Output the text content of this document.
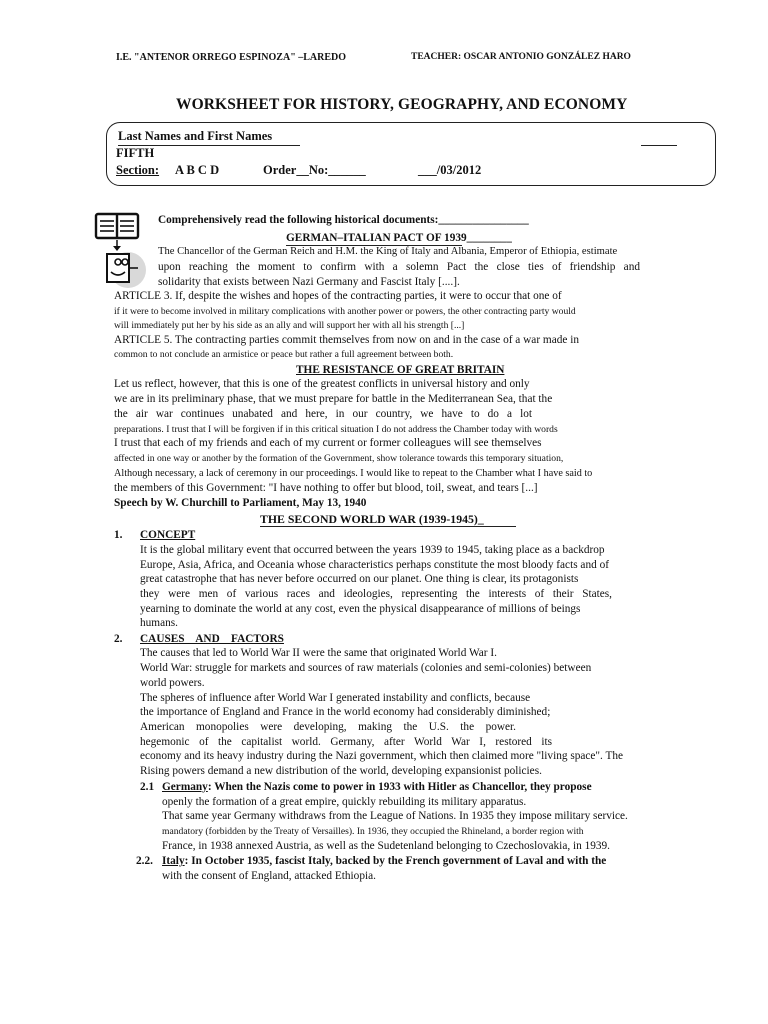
I.E. "ANTENOR ORREGO ESPINOZA" –LAREDO	TEACHER: OSCAR ANTONIO GONZÁLEZ HARO
WORKSHEET FOR HISTORY, GEOGRAPHY, AND ECONOMY
Last Names and First Names
FIFTH
Section: A B C D	Order__No:______	___/03/2012
Comprehensively read the following historical documents:________________
GERMAN–ITALIAN PACT OF 1939________
The Chancellor of the German Reich and H.M. the King of Italy and Albania, Emperor of Ethiopia, estimate
upon reaching the moment to confirm with a solemn Pact the close ties of friendship and
solidarity that exists between Nazi Germany and Fascist Italy [....].
ARTICLE 3. If, despite the wishes and hopes of the contracting parties, it were to occur that one of
if it were to become involved in military complications with another power or powers, the other contracting party would
will immediately put her by his side as an ally and will support her with all his strength [...]
ARTICLE 5. The contracting parties commit themselves from now on and in the case of a war made in
common to not conclude an armistice or peace but rather a full agreement between both.
THE RESISTANCE OF GREAT BRITAIN
Let us reflect, however, that this is one of the greatest conflicts in universal history and only
we are in its preliminary phase, that we must prepare for battle in the Mediterranean Sea, that the
the air war continues unabated and here, in our country, we have to do a lot
preparations. I trust that I will be forgiven if in this critical situation I do not address the Chamber today with words
I trust that each of my friends and each of my current or former colleagues will see themselves
affected in one way or another by the formation of the Government, show tolerance towards this temporary situation,
Although necessary, a lack of ceremony in our proceedings. I would like to repeat to the Chamber what I have said to
the members of this Government: "I have nothing to offer but blood, toil, sweat, and tears [...]
Speech by W. Churchill to Parliament, May 13, 1940
THE SECOND WORLD WAR (1939-1945)_
1. CONCEPT
It is the global military event that occurred between the years 1939 to 1945, taking place as a backdrop
Europe, Asia, Africa, and Oceania whose characteristics perhaps constitute the most bloody facts and of
great catastrophe that has never before occurred on our planet. One thing is clear, its protagonists
they were men of various races and ideologies, representing the interests of their States,
yearning to dominate the world at any cost, even the physical disappearance of millions of beings
humans.
2. CAUSES    AND    FACTORS
The causes that led to World War II were the same that originated World War I.
World War: struggle for markets and sources of raw materials (colonies and semi-colonies) between
world powers.
The spheres of influence after World War I generated instability and conflicts, because
the importance of England and France in the world economy had considerably diminished;
American monopolies were developing, making the U.S. the power.
hegemonic of the capitalist world. Germany, after World War I, restored its
economy and its heavy industry during the Nazi government, which then claimed more "living space". The
Rising powers demand a new distribution of the world, developing expansionist policies.
2.1 Germany: When the Nazis come to power in 1933 with Hitler as Chancellor, they propose
openly the formation of a great empire, quickly rebuilding its military apparatus.
That same year Germany withdraws from the League of Nations. In 1935 they impose military service.
mandatory (forbidden by the Treaty of Versailles). In 1936, they occupied the Rhineland, a border region with
France, in 1938 annexed Austria, as well as the Sudetenland belonging to Czechoslovakia, in 1939.
2.2. Italy: In October 1935, fascist Italy, backed by the French government of Laval and with the
with the consent of England, attacked Ethiopia.
